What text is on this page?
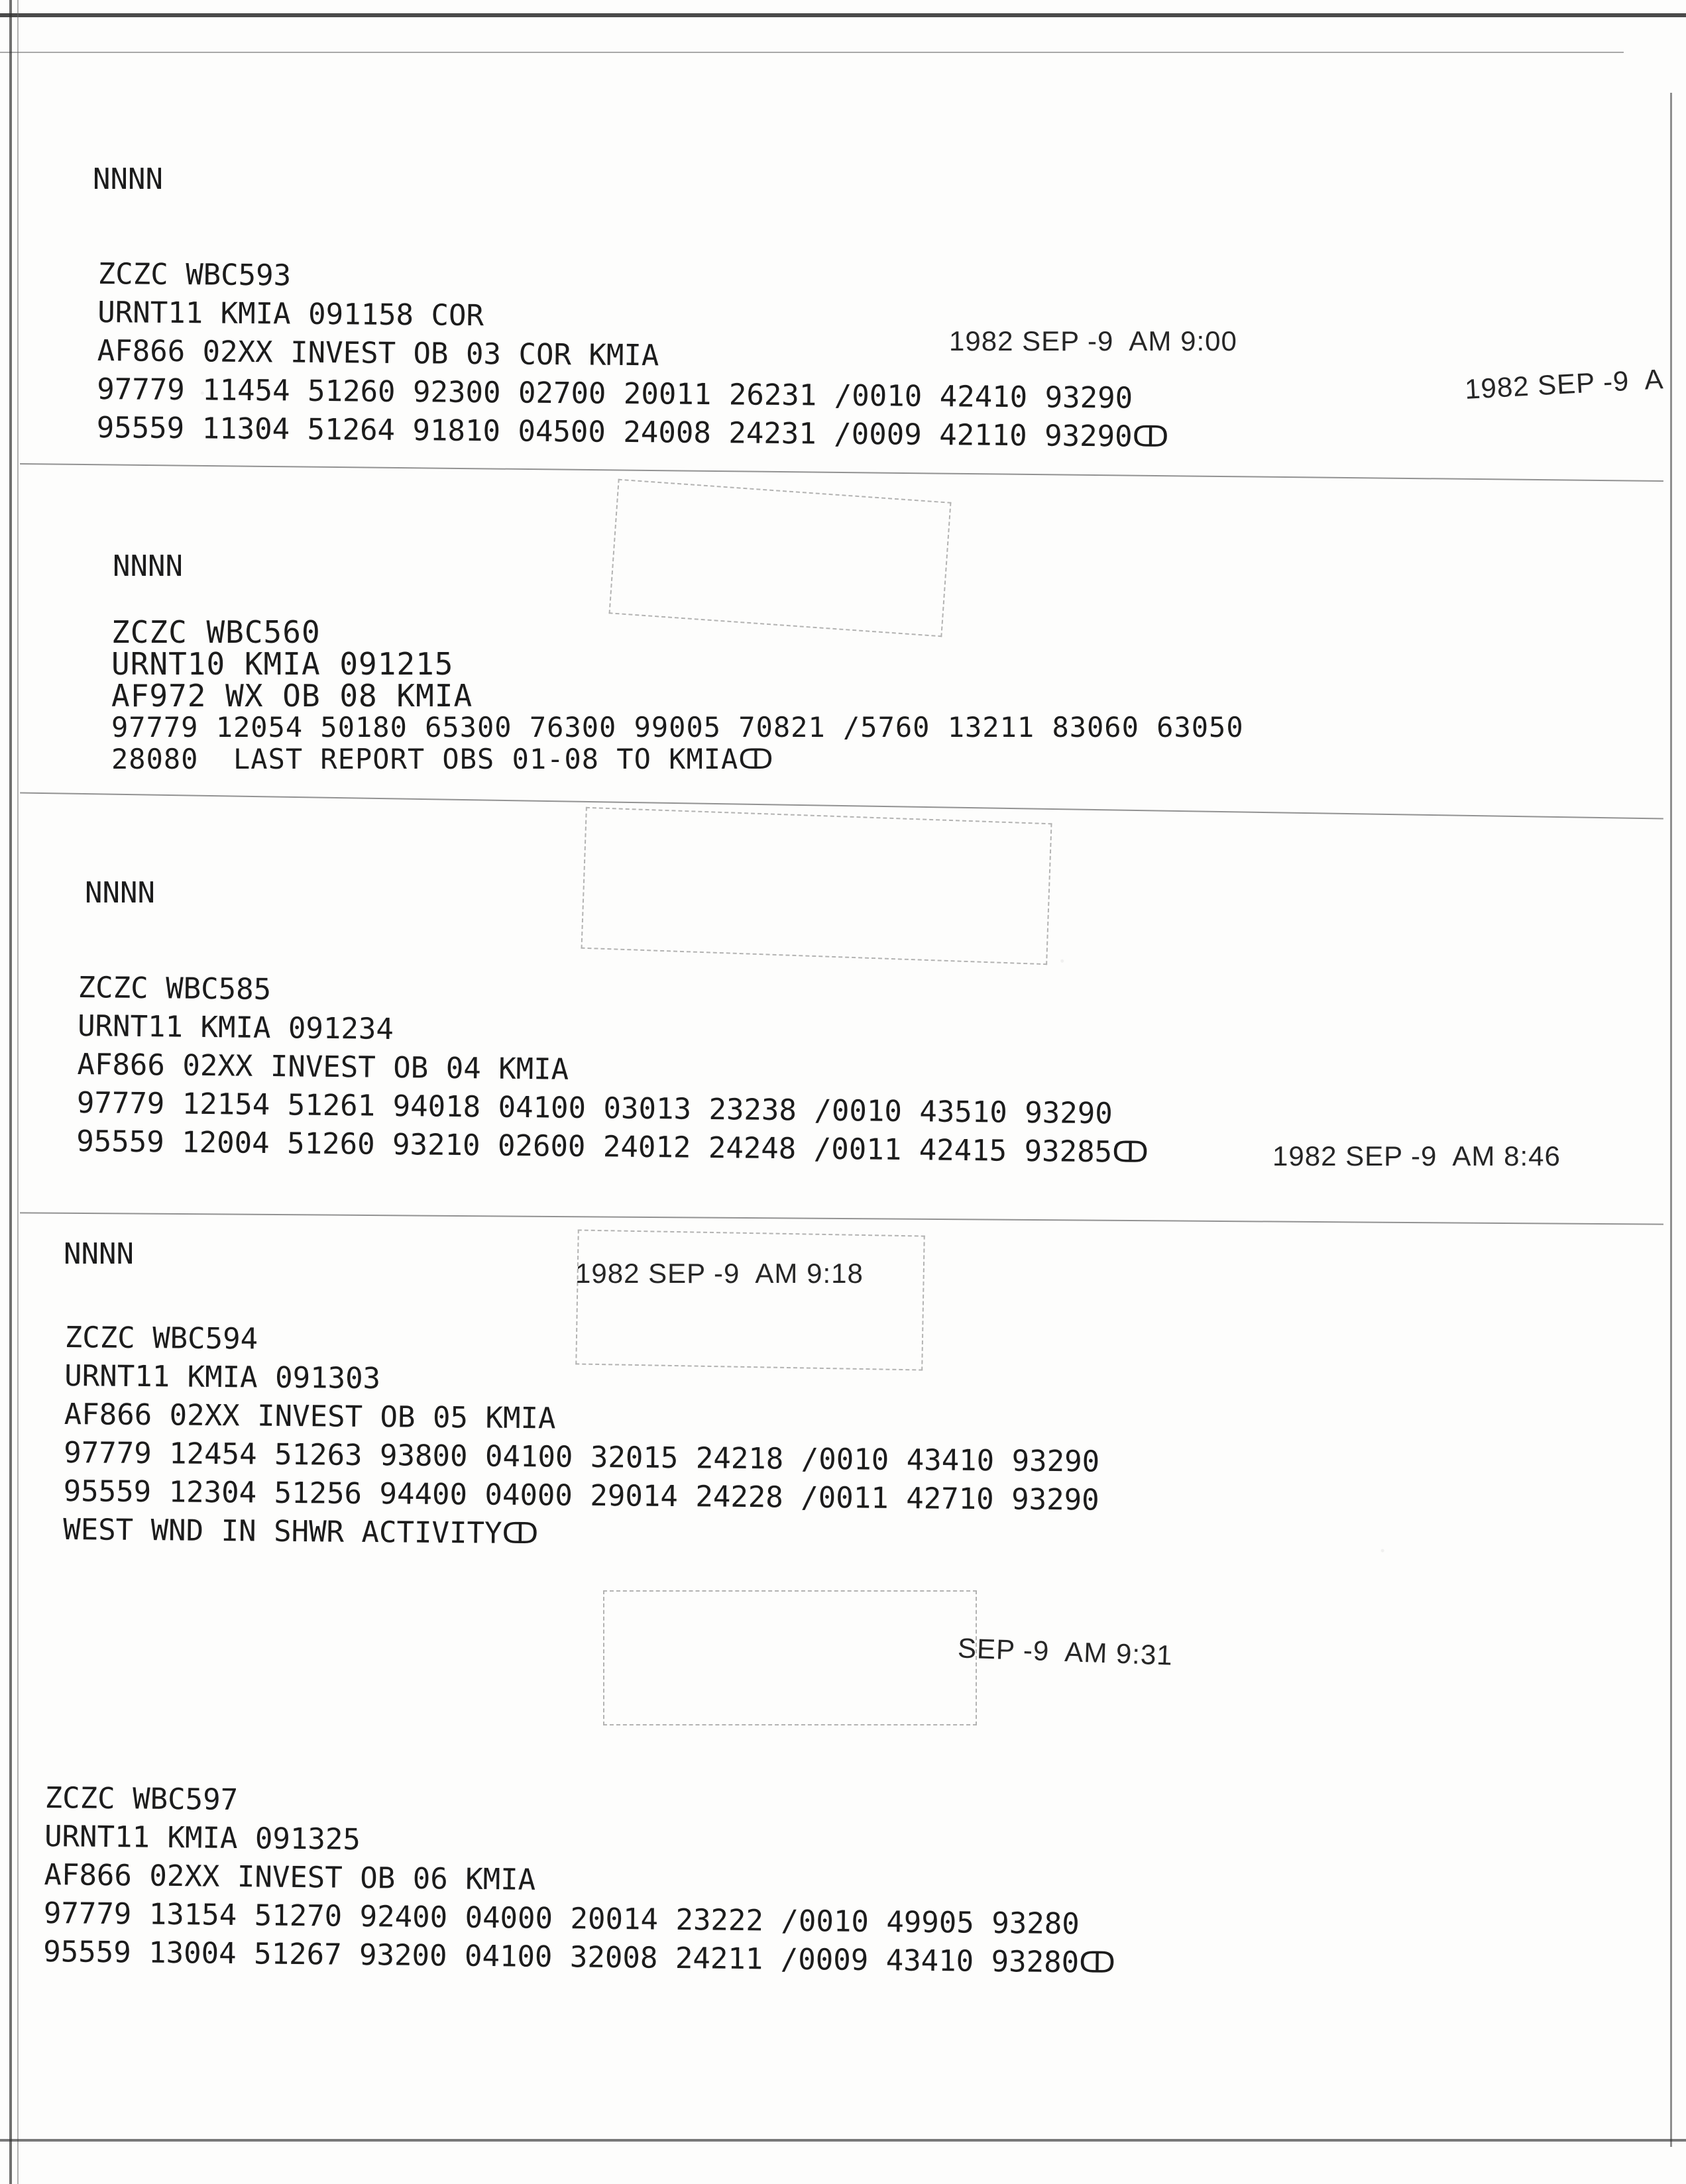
NNNN
NNNN
NNNN
NNNN
ZCZC WBC593
URNT11 KMIA 091158 COR
AF866 02XX INVEST OB 03 COR KMIA
97779 11454 51260 92300 02700 20011 26231 /0010 42410 93290
95559 11304 51264 91810 04500 24008 24231 /0009 42110 93290ↀ
ZCZC WBC560
URNT10 KMIA 091215
AF972 WX OB 08 KMIA
97779 12054 50180 65300 76300 99005 70821 /5760 13211 83060 63050
28080  LAST REPORT OBS 01-08 TO KMIAↀ
ZCZC WBC585
URNT11 KMIA 091234
AF866 02XX INVEST OB 04 KMIA
97779 12154 51261 94018 04100 03013 23238 /0010 43510 93290
95559 12004 51260 93210 02600 24012 24248 /0011 42415 93285ↀ
ZCZC WBC594
URNT11 KMIA 091303
AF866 02XX INVEST OB 05 KMIA
97779 12454 51263 93800 04100 32015 24218 /0010 43410 93290
95559 12304 51256 94400 04000 29014 24228 /0011 42710 93290
WEST WND IN SHWR ACTIVITYↀ
ZCZC WBC597
URNT11 KMIA 091325
AF866 02XX INVEST OB 06 KMIA
97779 13154 51270 92400 04000 20014 23222 /0010 49905 93280
95559 13004 51267 93200 04100 32008 24211 /0009 43410 93280ↀ
1982 SEP -9  AM 9:00
1982 SEP -9  A
1982 SEP -9  AM 8:46
1982 SEP -9  AM 9:18
SEP -9  AM 9:31
